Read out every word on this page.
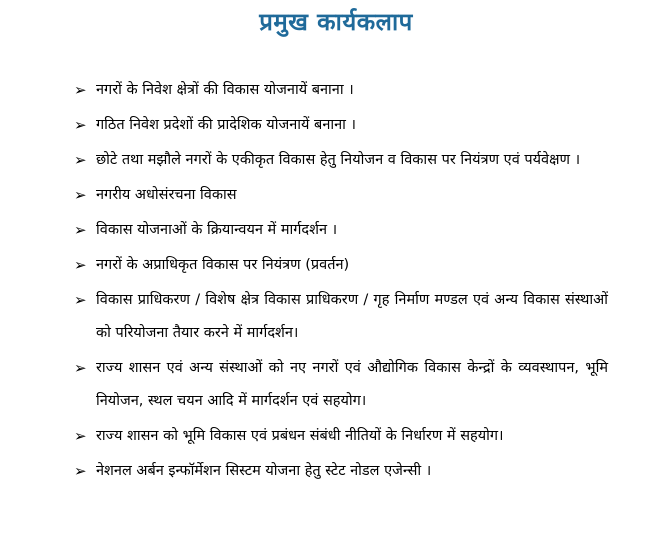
प्रमुख कार्यकलाप
➢ नगरों के निवेश क्षेत्रों की विकास योजनायें बनाना ।
➢ गठित निवेश प्रदेशों की प्रादेशिक योजनायें बनाना ।
➢ छोटे तथा मझौले नगरों के एकीकृत विकास हेतु नियोजन व विकास पर नियंत्रण एवं पर्यवेक्षण ।
➢ नगरीय अधोसंरचना विकास
➢ विकास योजनाओं के क्रियान्वयन में मार्गदर्शन ।
➢ नगरों के अप्राधिकृत विकास पर नियंत्रण (प्रवर्तन)
➢ विकास प्राधिकरण / विशेष क्षेत्र विकास प्राधिकरण / गृह निर्माण मण्डल एवं अन्य विकास संस्थाओं को परियोजना तैयार करने में मार्गदर्शन।
➢ राज्य शासन एवं अन्य संस्थाओं को नए नगरों एवं औद्योगिक विकास केन्द्रों के व्यवस्थापन, भूमि नियोजन, स्थल चयन आदि में मार्गदर्शन एवं सहयोग।
➢ राज्य शासन को भूमि विकास एवं प्रबंधन संबंधी नीतियों के निर्धारण में सहयोग।
➢ नेशनल अर्बन इन्फॉर्मेशन सिस्टम योजना हेतु स्टेट नोडल एजेन्सी ।
